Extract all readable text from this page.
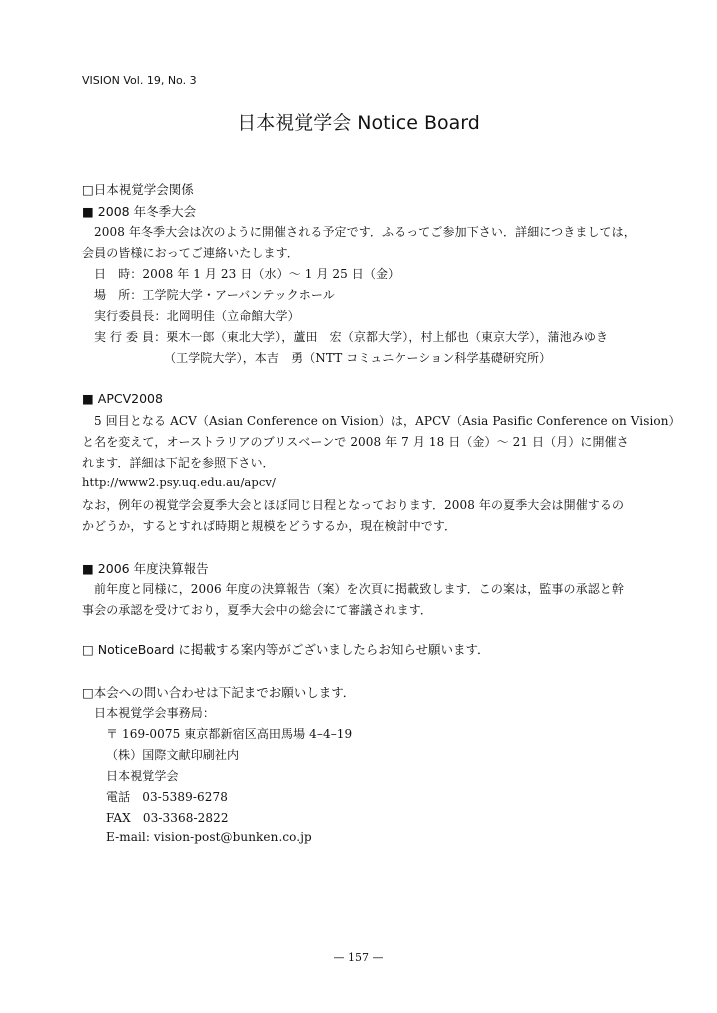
VISION Vol. 19, No. 3
日本視覚学会 Notice Board
□日本視覚学会関係
■ 2008 年冬季大会
2008 年冬季大会は次のように開催される予定です．ふるってご参加下さい．詳細につきましては，
会員の皆様におってご連絡いたします．
日　時：2008 年 1 月 23 日（水）～ 1 月 25 日（金）
場　所：工学院大学・アーバンテックホール
実行委員長：北岡明佳（立命館大学）
実 行 委 員：栗木一郎（東北大学），蘆田　宏（京都大学），村上郁也（東京大学），蒲池みゆき
（工学院大学），本吉　勇（NTT コミュニケーション科学基礎研究所）
■ APCV2008
5 回目となる ACV（Asian Conference on Vision）は，APCV（Asia Pasific Conference on Vision）
と名を変えて，オーストラリアのブリスベーンで 2008 年 7 月 18 日（金）～ 21 日（月）に開催さ
れます．詳細は下記を参照下さい．
http://www2.psy.uq.edu.au/apcv/
なお，例年の視覚学会夏季大会とほぼ同じ日程となっております．2008 年の夏季大会は開催するの
かどうか，するとすれば時期と規模をどうするか，現在検討中です．
■ 2006 年度決算報告
前年度と同様に，2006 年度の決算報告（案）を次頁に掲載致します．この案は，監事の承認と幹
事会の承認を受けており，夏季大会中の総会にて審議されます．
□ NoticeBoard に掲載する案内等がございましたらお知らせ願います．
□本会への問い合わせは下記までお願いします．
日本視覚学会事務局：
〒 169-0075 東京都新宿区高田馬場 4–4–19
（株）国際文献印刷社内
日本視覚学会
電話　03-5389-6278
FAX　03-3368-2822
E-mail: vision-post@bunken.co.jp
— 157 —
